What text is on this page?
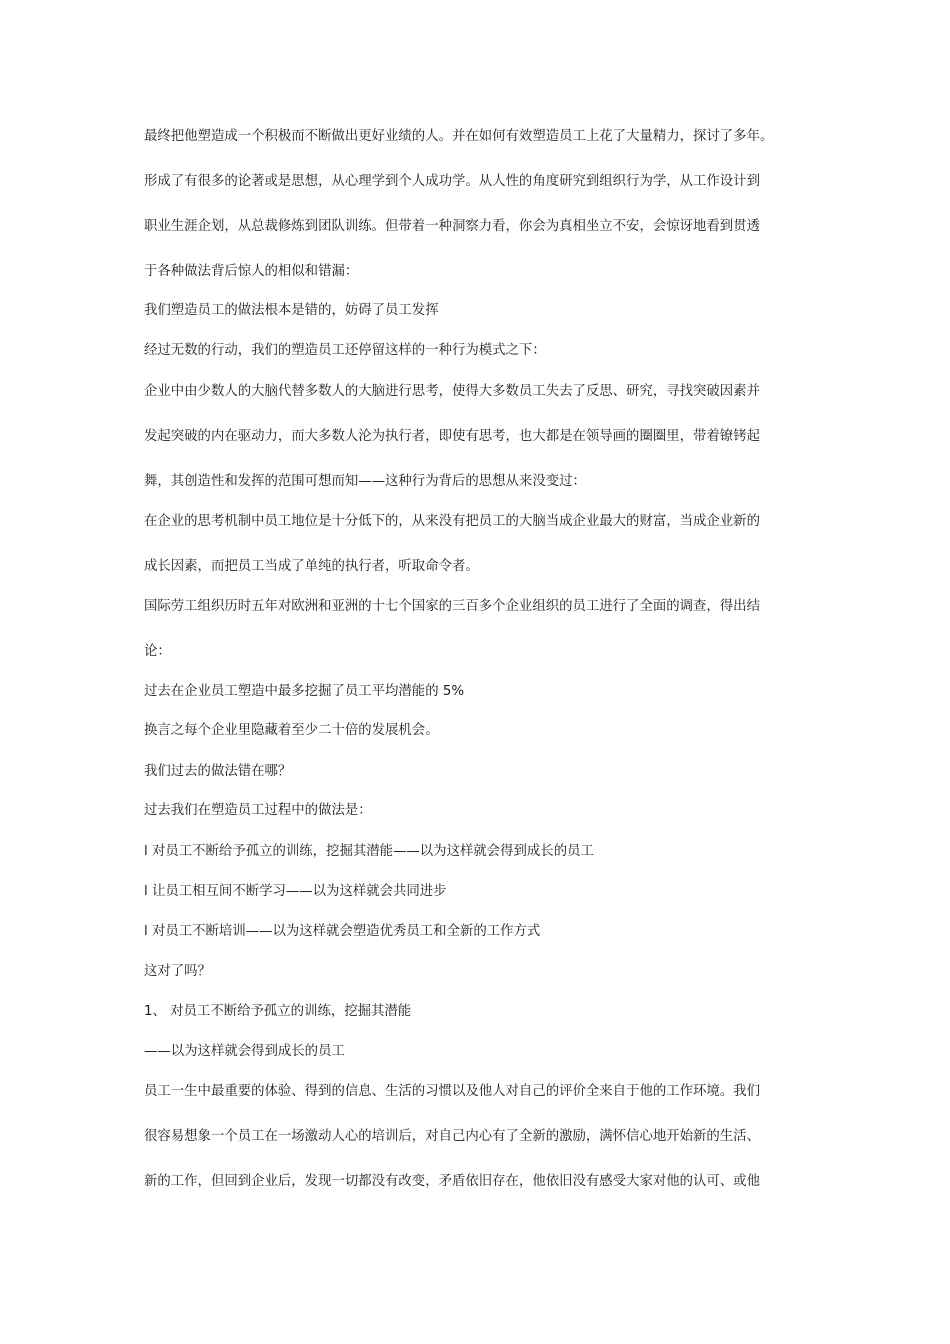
最终把他塑造成一个积极而不断做出更好业绩的人。并在如何有效塑造员工上花了大量精力，探讨了多年。
形成了有很多的论著或是思想，从心理学到个人成功学。从人性的角度研究到组织行为学，从工作设计到
职业生涯企划，从总裁修炼到团队训练。但带着一种洞察力看，你会为真相坐立不安，会惊讶地看到贯透
于各种做法背后惊人的相似和错漏：
我们塑造员工的做法根本是错的，妨碍了员工发挥
经过无数的行动，我们的塑造员工还停留这样的一种行为模式之下：
企业中由少数人的大脑代替多数人的大脑进行思考，使得大多数员工失去了反思、研究，寻找突破因素并
发起突破的内在驱动力，而大多数人沦为执行者，即使有思考，也大都是在领导画的圈圈里，带着镣铐起
舞，其创造性和发挥的范围可想而知——这种行为背后的思想从来没变过：
在企业的思考机制中员工地位是十分低下的，从来没有把员工的大脑当成企业最大的财富，当成企业新的
成长因素，而把员工当成了单纯的执行者，听取命令者。
国际劳工组织历时五年对欧洲和亚洲的十七个国家的三百多个企业组织的员工进行了全面的调查，得出结
论：
过去在企业员工塑造中最多挖掘了员工平均潜能的 5%
换言之每个企业里隐藏着至少二十倍的发展机会。
我们过去的做法错在哪？
过去我们在塑造员工过程中的做法是：
l 对员工不断给予孤立的训练，挖掘其潜能——以为这样就会得到成长的员工
l 让员工相互间不断学习——以为这样就会共同进步
l 对员工不断培训——以为这样就会塑造优秀员工和全新的工作方式
这对了吗？
1、 对员工不断给予孤立的训练，挖掘其潜能
——以为这样就会得到成长的员工
员工一生中最重要的体验、得到的信息、生活的习惯以及他人对自己的评价全来自于他的工作环境。我们
很容易想象一个员工在一场激动人心的培训后，对自己内心有了全新的激励，满怀信心地开始新的生活、
新的工作，但回到企业后，发现一切都没有改变，矛盾依旧存在，他依旧没有感受大家对他的认可、或他
